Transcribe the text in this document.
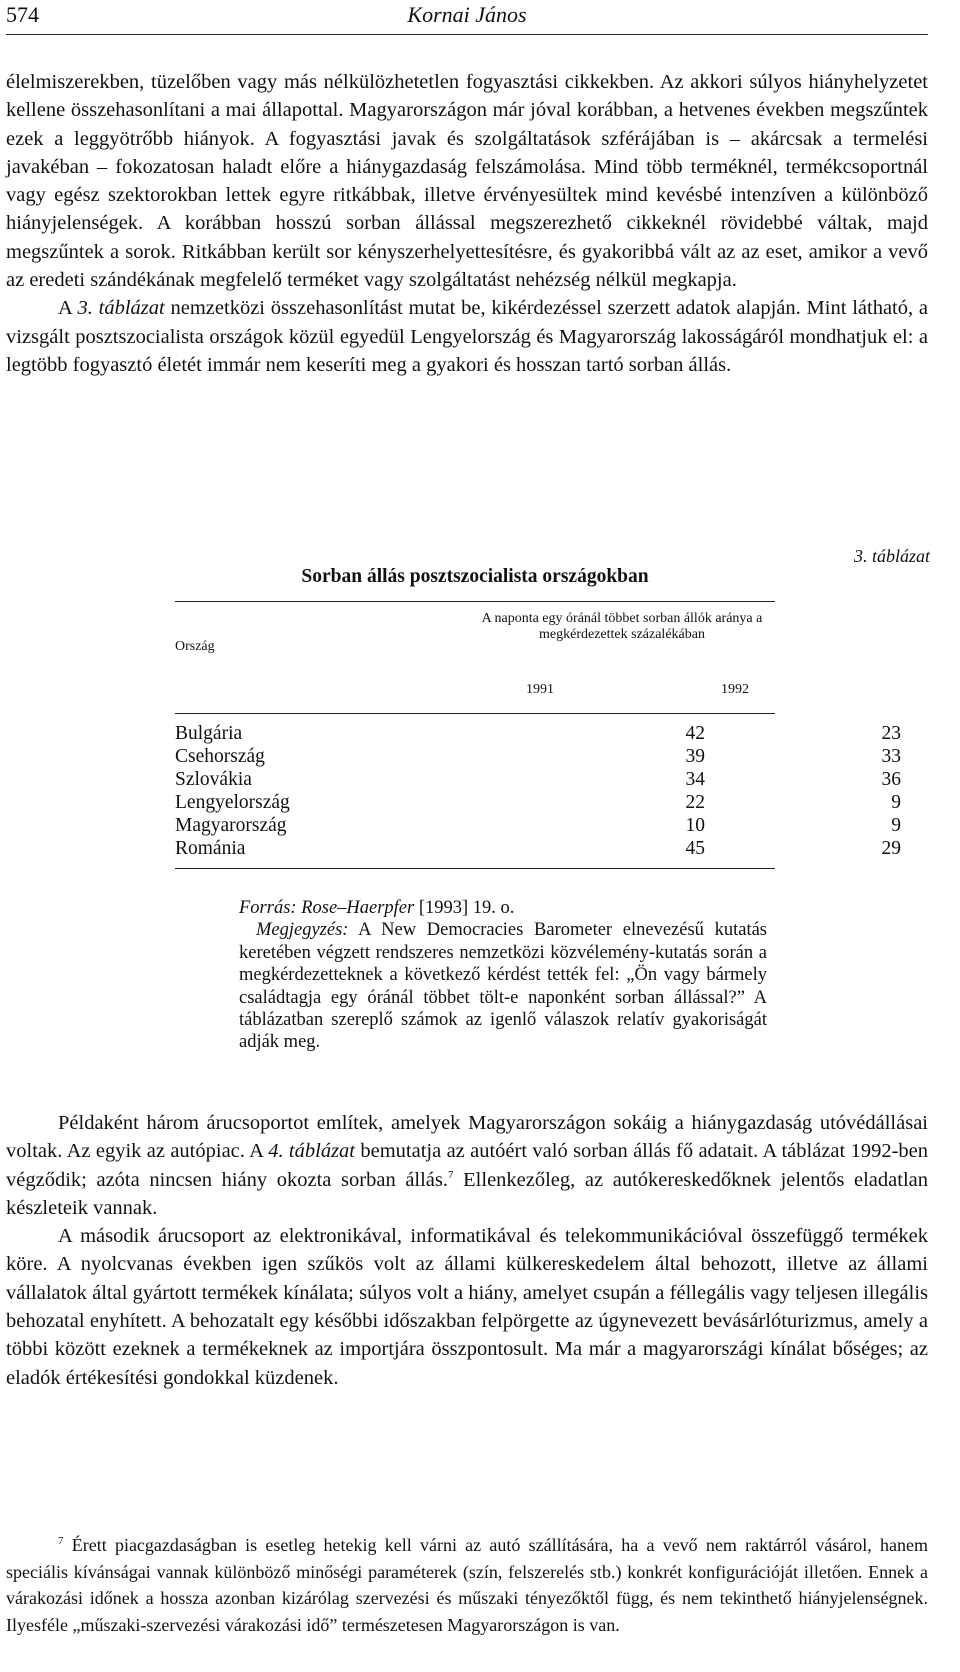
574	Kornai János

élelmiszerekben, tüzelőben vagy más nélkülözhetetlen fogyasztási cikkekben. Az akkori súlyos hiányhelyzetet kellene összehasonlítani a mai állapottal. Magyarországon már jóval korábban, a hetvenes években megszűntek ezek a leggyötrőbb hiányok. A fogyasztási javak és szolgáltatások szférájában is – akárcsak a termelési javakéban – fokozatosan haladt előre a hiánygazdaság felszámolása. Mind több terméknél, termékcsoportnál vagy egész szektorokban lettek egyre ritkábbak, illetve érvényesültek mind kevésbé intenzíven a különböző hiányjelenségek. A korábban hosszú sorban állással megszerezhető cikkeknél rövidebbé váltak, majd megszűntek a sorok. Ritkábban került sor kényszerhelyettesítésre, és gyakoribbá vált az az eset, amikor a vevő az eredeti szándékának megfelelő terméket vagy szolgáltatást nehézség nélkül megkapja.

A 3. táblázat nemzetközi összehasonlítást mutat be, kikérdezéssel szerzett adatok alapján. Mint látható, a vizsgált posztszocialista országok közül egyedül Lengyelország és Magyarország lakosságáról mondhatjuk el: a legtöbb fogyasztó életét immár nem keseríti meg a gyakori és hosszan tartó sorban állás.

3. táblázat
Sorban állás posztszocialista országokban
Ország
A naponta egy óránál többet sorban állók aránya a megkérdezettek százalékában
1991	1992
Bulgária	42	23
Csehország	39	33
Szlovákia	34	36
Lengyelország	22	9
Magyarország	10	9
Románia	45	29

Forrás: Rose–Haerpfer [1993] 19. o.

Megjegyzés: A New Democracies Barometer elnevezésű kutatás keretében végzett rendszeres nemzetközi közvélemény-kutatás során a megkérdezetteknek a következő kérdést tették fel: „Ön vagy bármely családtagja egy óránál többet tölt-e naponként sorban állással?” A táblázatban szereplő számok az igenlő válaszok relatív gyakoriságát adják meg.

Példaként három árucsoportot említek, amelyek Magyarországon sokáig a hiánygazdaság utóvédállásai voltak. Az egyik az autópiac. A 4. táblázat bemutatja az autóért való sorban állás fő adatait. A táblázat 1992-ben végződik; azóta nincsen hiány okozta sorban állás.$^7$ Ellenkezőleg, az autókereskedőknek jelentős eladatlan készleteik vannak.

A második árucsoport az elektronikával, informatikával és telekommunikációval összefüggő termékek köre. A nyolcvanas években igen szűkös volt az állami külkereskedelem által behozott, illetve az állami vállalatok által gyártott termékek kínálata; súlyos volt a hiány, amelyet csupán a féllegális vagy teljesen illegális behozatal enyhített. A behozatalt egy későbbi időszakban felpörgette az úgynevezett bevásárlóturizmus, amely a többi között ezeknek a termékeknek az importjára összpontosult. Ma már a magyarországi kínálat bőséges; az eladók értékesítési gondokkal küzdenek.

$^7$ Érett piacgazdaságban is esetleg hetekig kell várni az autó szállítására, ha a vevő nem raktárról vásárol, hanem speciális kívánságai vannak különböző minőségi paraméterek (szín, felszerelés stb.) konkrét konfigurációját illetően. Ennek a várakozási időnek a hossza azonban kizárólag szervezési és műszaki tényezőktől függ, és nem tekinthető hiányjelenségnek. Ilyesféle „műszaki-szervezési várakozási idő” természetesen Magyarországon is van.
